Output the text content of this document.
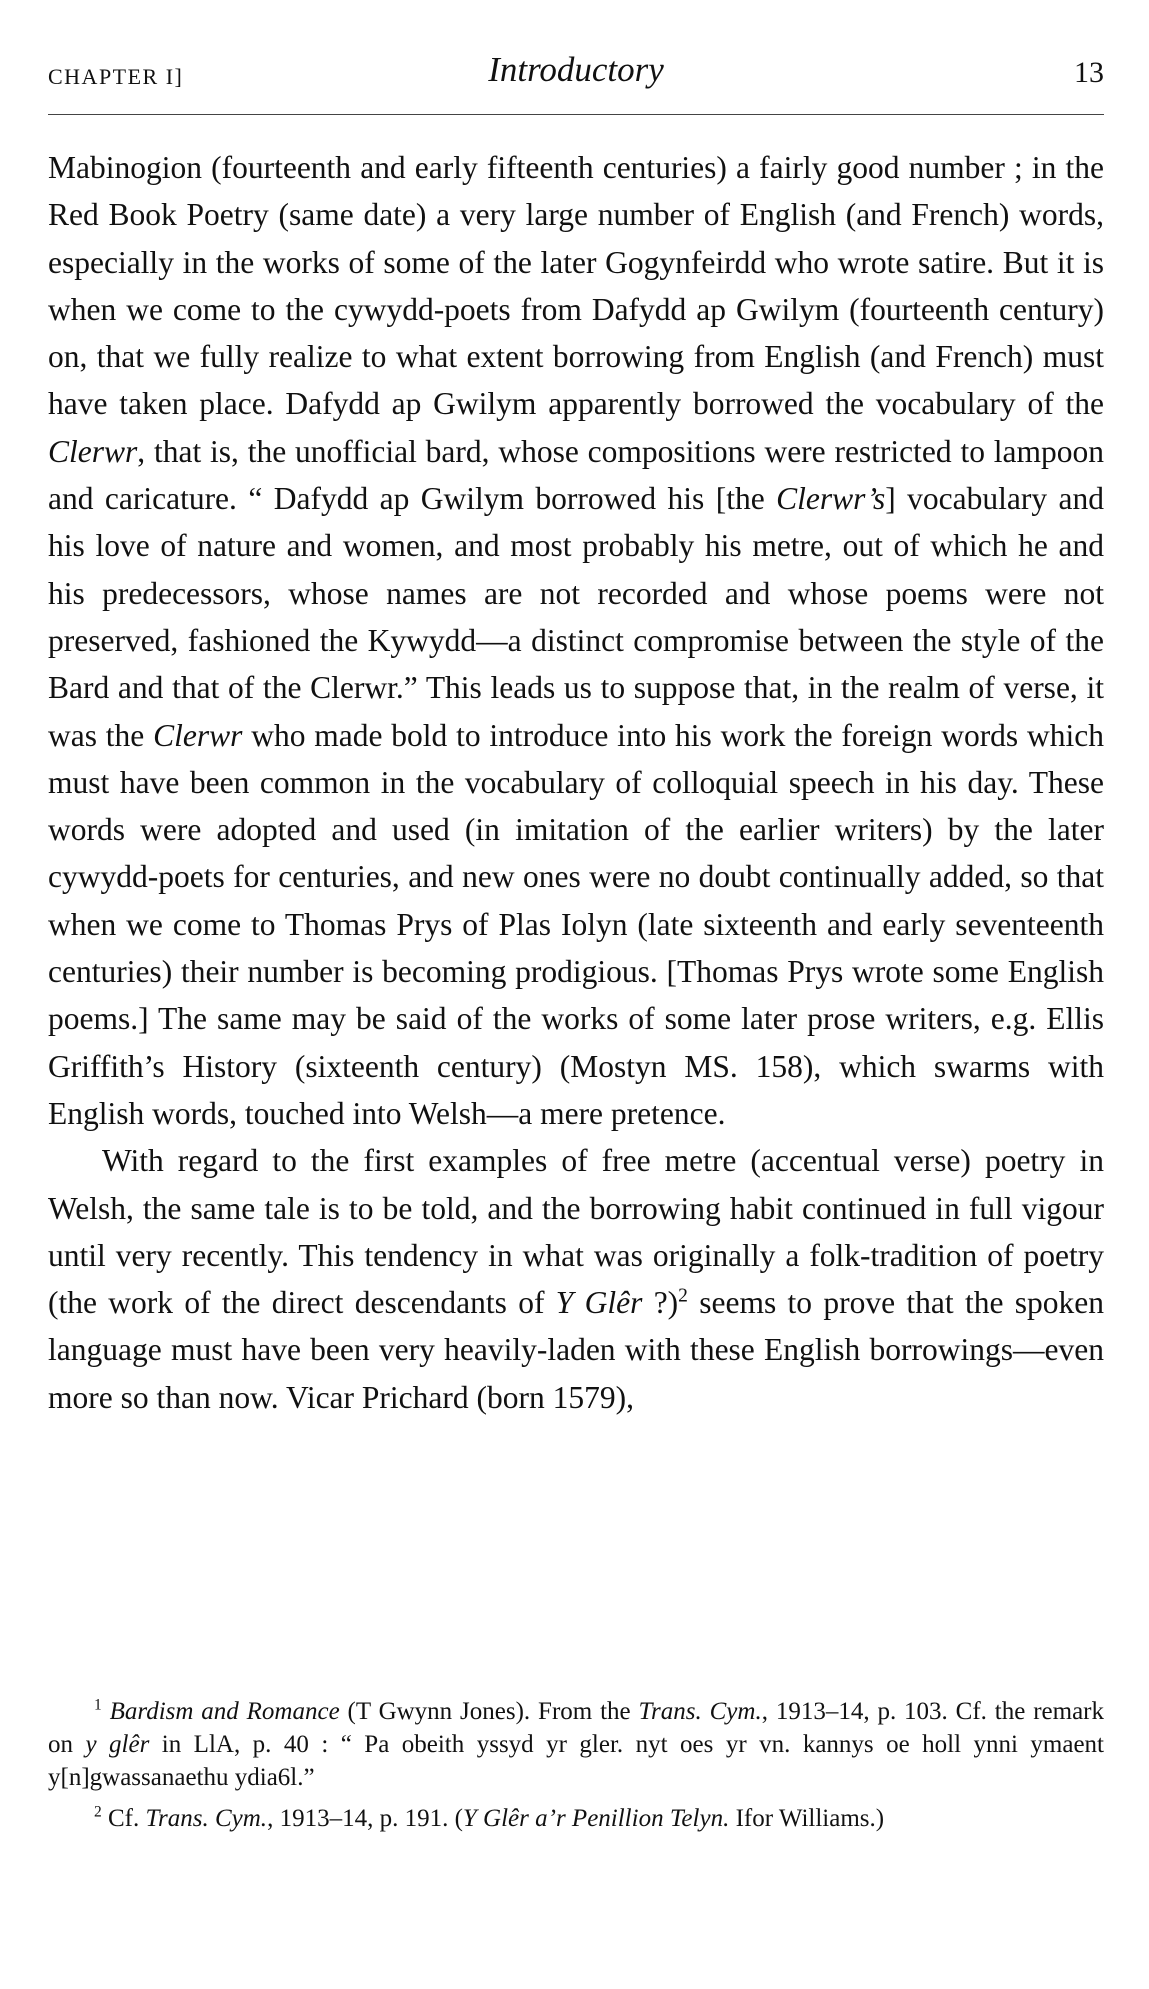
CHAPTER I]	Introductory	13

Mabinogion (fourteenth and early fifteenth centuries) a fairly good number ; in the Red Book Poetry (same date) a very large number of English (and French) words, especially in the works of some of the later Gogynfeirdd who wrote satire. But it is when we come to the cywydd-poets from Dafydd ap Gwilym (fourteenth century) on, that we fully realize to what extent borrowing from English (and French) must have taken place. Dafydd ap Gwilym apparently borrowed the vocabulary of the Clerwr, that is, the unofficial bard, whose compositions were restricted to lampoon and caricature. “ Dafydd ap Gwilym borrowed his [the Clerwr’s] vocabulary and his love of nature and women, and most probably his metre, out of which he and his predecessors, whose names are not recorded and whose poems were not preserved, fashioned the Kywydd—a distinct compromise between the style of the Bard and that of the Clerwr.” This leads us to suppose that, in the realm of verse, it was the Clerwr who made bold to introduce into his work the foreign words which must have been common in the vocabulary of colloquial speech in his day. These words were adopted and used (in imitation of the earlier writers) by the later cywydd-poets for centuries, and new ones were no doubt continually added, so that when we come to Thomas Prys of Plas Iolyn (late sixteenth and early seventeenth centuries) their number is becoming prodigious. [Thomas Prys wrote some English poems.] The same may be said of the works of some later prose writers, e.g. Ellis Griffith’s History (sixteenth century) (Mostyn MS. 158), which swarms with English words, touched into Welsh—a mere pretence.

With regard to the first examples of free metre (accentual verse) poetry in Welsh, the same tale is to be told, and the borrowing habit continued in full vigour until very recently. This tendency in what was originally a folk-tradition of poetry (the work of the direct descendants of Y Glêr ?)$^2$ seems to prove that the spoken language must have been very heavily-laden with these English borrowings—even more so than now. Vicar Prichard (born 1579),

$^1$ Bardism and Romance (T Gwynn Jones). From the Trans. Cym., 1913–14, p. 103. Cf. the remark on y glêr in LlA, p. 40 : “ Pa obeith yssyd yr gler. nyt oes yr vn. kannys oe holl ynni ymaent y[n]gwassanaethu ydia6l.”

$^2$ Cf. Trans. Cym., 1913–14, p. 191. (Y Glêr a’r Penillion Telyn. Ifor Williams.)
